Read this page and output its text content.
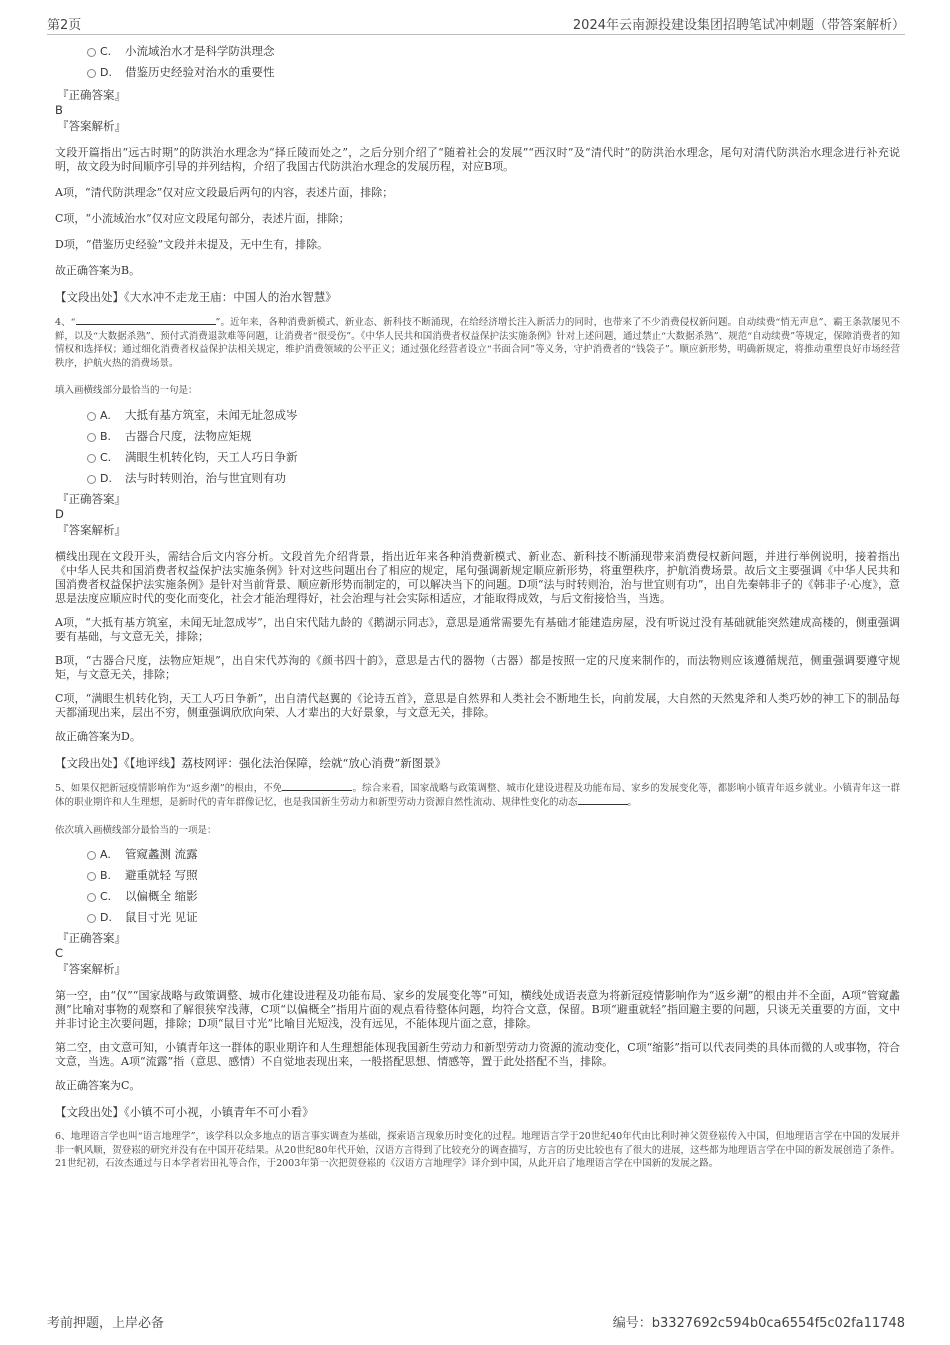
第2页	2024年云南源投建设集团招聘笔试冲刺题（带答案解析）
C. 小流域治水才是科学防洪理念
D. 借鉴历史经验对治水的重要性
『正确答案』
B
『答案解析』
文段开篇指出“远古时期”的防洪治水理念为“择丘陵而处之”，之后分别介绍了“随着社会的发展”“西汉时”及“清代时”的防洪治水理念，尾句对清代防洪治水理念进行补充说明，故文段为时间顺序引导的并列结构，介绍了我国古代防洪治水理念的发展历程，对应B项。
A项，“清代防洪理念”仅对应文段最后两句的内容，表述片面，排除；
C项，“小流域治水”仅对应文段尾句部分，表述片面，排除；
D项，“借鉴历史经验”文段并未提及，无中生有，排除。
故正确答案为B。
【文段出处】《大水冲不走龙王庙：中国人的治水智慧》
4、“	”。近年来，各种消费新模式、新业态、新科技不断涌现，在给经济增长注入新活力的同时，也带来了不少消费侵权新问题。自动续费“悄无声息”、霸王条款屡见不鲜，以及“大数据杀熟”、预付式消费退款难等问题，让消费者“很受伤”。《中华人民共和国消费者权益保护法实施条例》针对上述问题，通过禁止“大数据杀熟”、规范“自动续费”等规定，保障消费者的知情权和选择权；通过细化消费者权益保护法相关规定，维护消费领域的公平正义；通过强化经营者设立“书面合同”等义务，守护消费者的“钱袋子”。顺应新形势，明确新规定，将推动重塑良好市场经营秩序，护航火热的消费场景。
填入画横线部分最恰当的一句是：
A. 大抵有基方筑室，未闻无址忽成岑
B. 古器合尺度，法物应矩规
C. 满眼生机转化钧，天工人巧日争新
D. 法与时转则治，治与世宜则有功
『正确答案』
D
『答案解析』
横线出现在文段开头，需结合后文内容分析。文段首先介绍背景，指出近年来各种消费新模式、新业态、新科技不断涌现带来消费侵权新问题，并进行举例说明，接着指出《中华人民共和国消费者权益保护法实施条例》针对这些问题出台了相应的规定，尾句强调新规定顺应新形势，将重塑秩序，护航消费场景。故后文主要强调《中华人民共和国消费者权益保护法实施条例》是针对当前背景、顺应新形势而制定的，可以解决当下的问题。D项“法与时转则治，治与世宜则有功”，出自先秦韩非子的《韩非子·心度》，意思是法度应顺应时代的变化而变化，社会才能治理得好，社会治理与社会实际相适应，才能取得成效，与后文衔接恰当，当选。
A项，“大抵有基方筑室，未闻无址忽成岑”，出自宋代陆九龄的《鹅湖示同志》，意思是通常需要先有基础才能建造房屋，没有听说过没有基础就能突然建成高楼的，侧重强调要有基础，与文意无关，排除；
B项，“古器合尺度，法物应矩规”，出自宋代苏洵的《颜书四十韵》，意思是古代的器物（古器）都是按照一定的尺度来制作的，而法物则应该遵循规范，侧重强调要遵守规矩，与文意无关，排除；
C项，“满眼生机转化钧，天工人巧日争新”，出自清代赵翼的《论诗五首》，意思是自然界和人类社会不断地生长，向前发展，大自然的天然鬼斧和人类巧妙的神工下的制品每天都涌现出来，层出不穷，侧重强调欣欣向荣、人才辈出的大好景象，与文意无关，排除。
故正确答案为D。
【文段出处】《【地评线】荔枝网评：强化法治保障，绘就“放心消费”新图景》
5、如果仅把新冠疫情影响作为“返乡潮”的根由，不免	。综合来看，国家战略与政策调整、城市化建设进程及功能布局、家乡的发展变化等，都影响小镇青年返乡就业。小镇青年这一群体的职业期许和人生理想，是新时代的青年群像记忆，也是我国新生劳动力和新型劳动力资源自然性流动、规律性变化的动态	。
依次填入画横线部分最恰当的一项是：
A. 管窥蠡测 流露
B. 避重就轻 写照
C. 以偏概全 缩影
D. 鼠目寸光 见证
『正确答案』
C
『答案解析』
第一空，由“仅”“国家战略与政策调整、城市化建设进程及功能布局、家乡的发展变化等”可知，横线处成语表意为将新冠疫情影响作为“返乡潮”的根由并不全面，A项“管窥蠡测”比喻对事物的观察和了解很狭窄浅薄，C项“以偏概全”指用片面的观点看待整体问题，均符合文意，保留。B项“避重就轻”指回避主要的问题，只谈无关重要的方面，文中并非讨论主次要问题，排除；D项“鼠目寸光”比喻目光短浅，没有远见，不能体现片面之意，排除。
第二空，由文意可知，小镇青年这一群体的职业期许和人生理想能体现我国新生劳动力和新型劳动力资源的流动变化，C项“缩影”指可以代表同类的具体而微的人或事物，符合文意，当选。A项“流露”指（意思、感情）不自觉地表现出来，一般搭配思想、情感等，置于此处搭配不当，排除。
故正确答案为C。
【文段出处】《小镇不可小视，小镇青年不可小看》
6、地理语言学也叫“语言地理学”，该学科以众多地点的语言事实调查为基础，探索语言现象历时变化的过程。地理语言学于20世纪40年代由比利时神父贺登崧传入中国，但地理语言学在中国的发展并非一帆风顺，贺登崧的研究并没有在中国开花结果。从20世纪80年代开始，汉语方言得到了比较充分的调查描写，方言的历史比较也有了很大的进展，这些都为地理语言学在中国的新发展创造了条件。21世纪初，石汝杰通过与日本学者岩田礼等合作，于2003年第一次把贺登崧的《汉语方言地理学》译介到中国，从此开启了地理语言学在中国新的发展之路。
考前押题，上岸必备	编号：b3327692c594b0ca6554f5c02fa11748
